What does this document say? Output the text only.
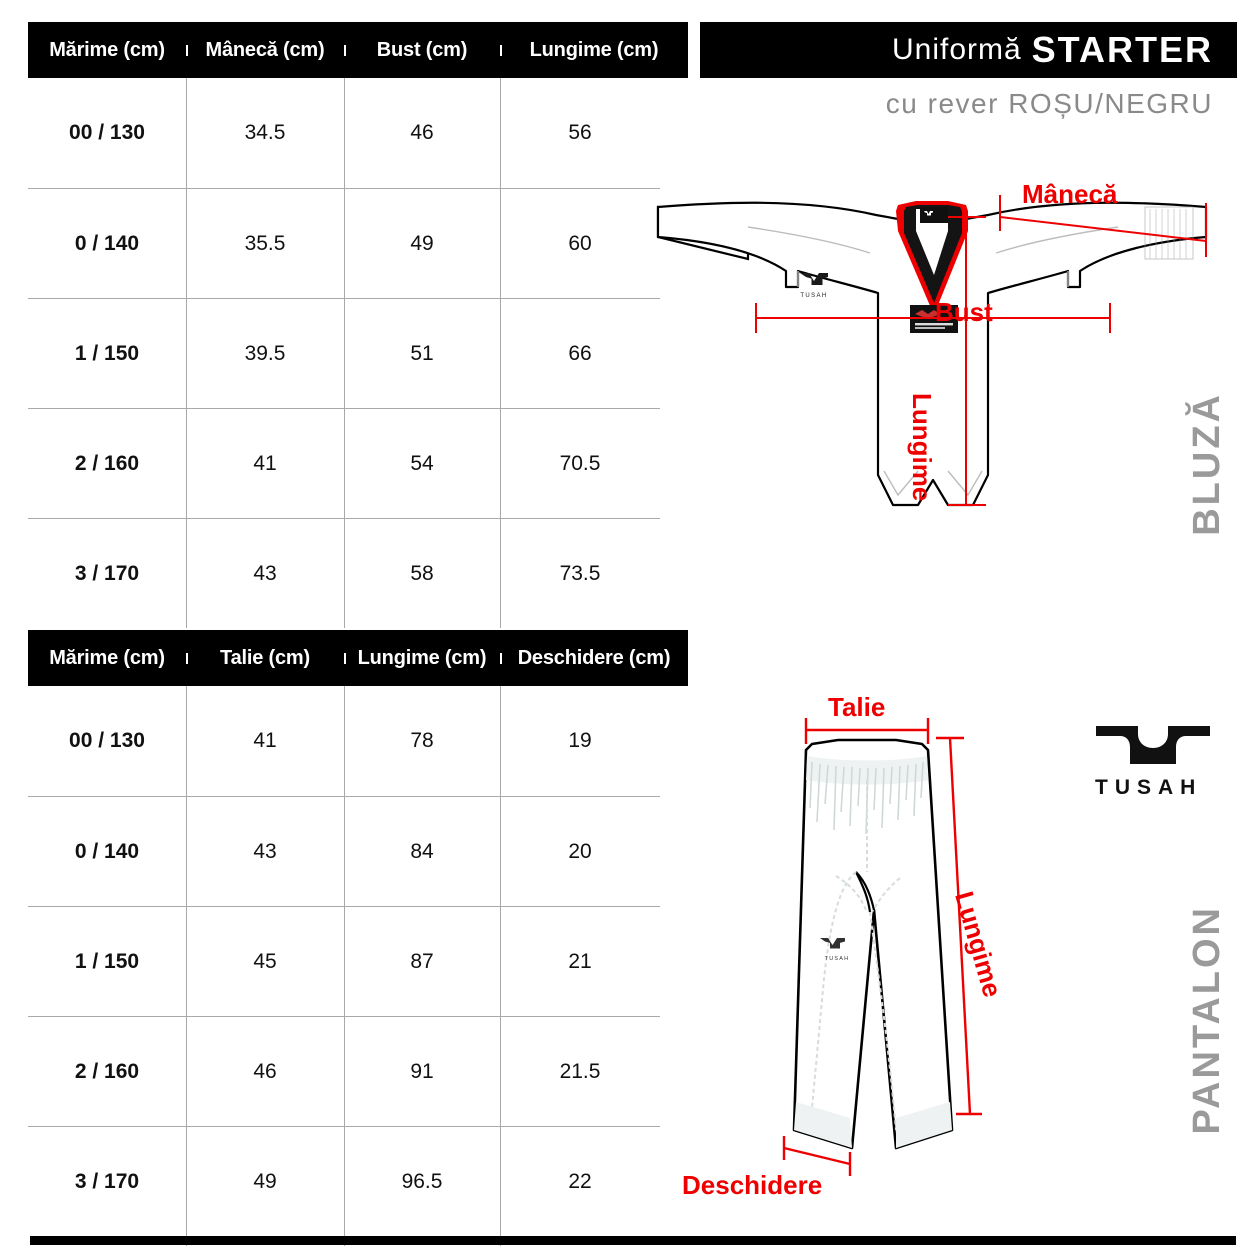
Uniformă STARTER
cu rever ROȘU/NEGRU
Mărime (cm)	Mânecă (cm)	Bust (cm)	Lungime (cm)
00 / 130	34.5	46	56
0 / 140	35.5	49	60
1 / 150	39.5	51	66
2 / 160	41	54	70.5
3 / 170	43	58	73.5
Mărime (cm)	Talie (cm)	Lungime (cm)	Deschidere (cm)
00 / 130	41	78	19
0 / 140	43	84	20
1 / 150	45	87	21
2 / 160	46	91	21.5
3 / 170	49	96.5	22
TUSAH
Mânecă
Bust
Lungime	BLUZĂ
TUSAH
Talie
Lungime
Deschidere
TUSAH
PANTALON
